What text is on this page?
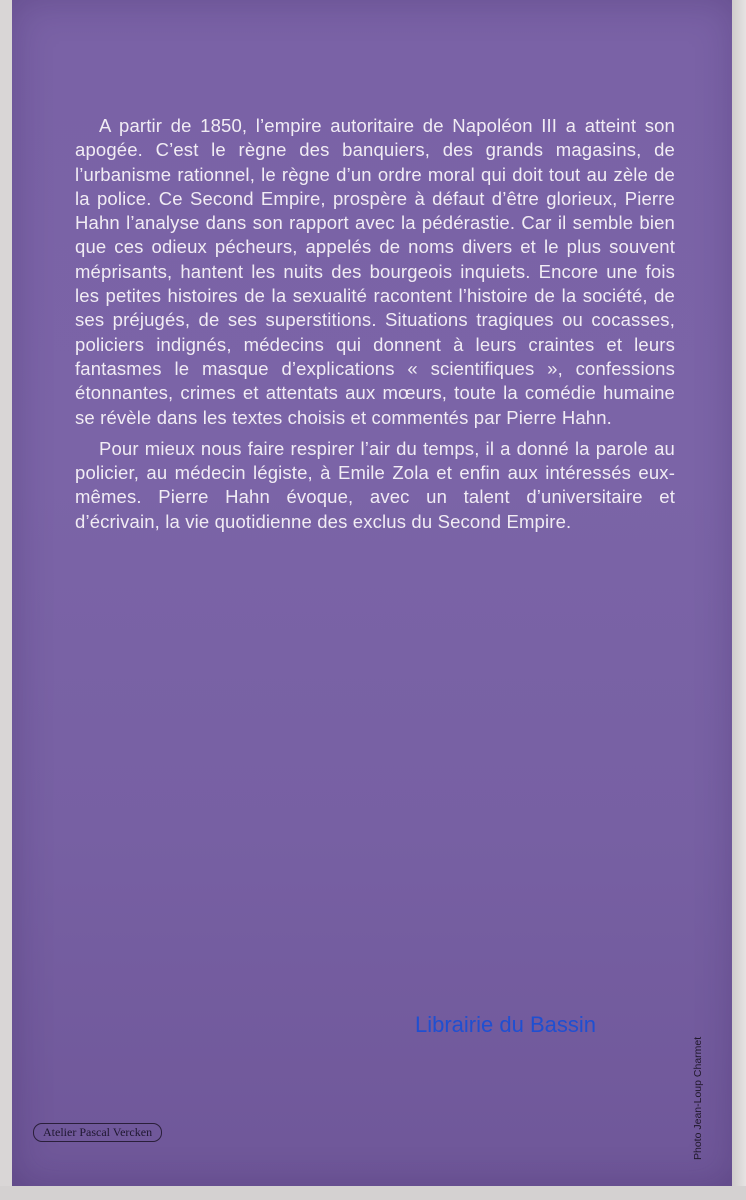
A partir de 1850, l’empire autoritaire de Napoléon III a atteint son apogée. C’est le règne des banquiers, des grands magasins, de l’urbanisme rationnel, le règne d’un ordre moral qui doit tout au zèle de la police. Ce Second Empire, prospère à défaut d’être glorieux, Pierre Hahn l’analyse dans son rapport avec la pédérastie. Car il semble bien que ces odieux pécheurs, appelés de noms divers et le plus souvent méprisants, hantent les nuits des bourgeois inquiets. Encore une fois les petites histoires de la sexualité racontent l’histoire de la société, de ses préjugés, de ses superstitions. Situations tragiques ou cocasses, policiers indignés, médecins qui donnent à leurs craintes et leurs fantasmes le masque d’explications « scientifiques », confessions étonnantes, crimes et attentats aux mœurs, toute la comédie humaine se révèle dans les textes choisis et commentés par Pierre Hahn.

Pour mieux nous faire respirer l’air du temps, il a donné la parole au policier, au médecin légiste, à Emile Zola et enfin aux intéressés eux-mêmes. Pierre Hahn évoque, avec un talent d’universitaire et d’écrivain, la vie quotidienne des exclus du Second Empire.

Librairie du Bassin
Photo Jean-Loup Charmet
Atelier Pascal Vercken
